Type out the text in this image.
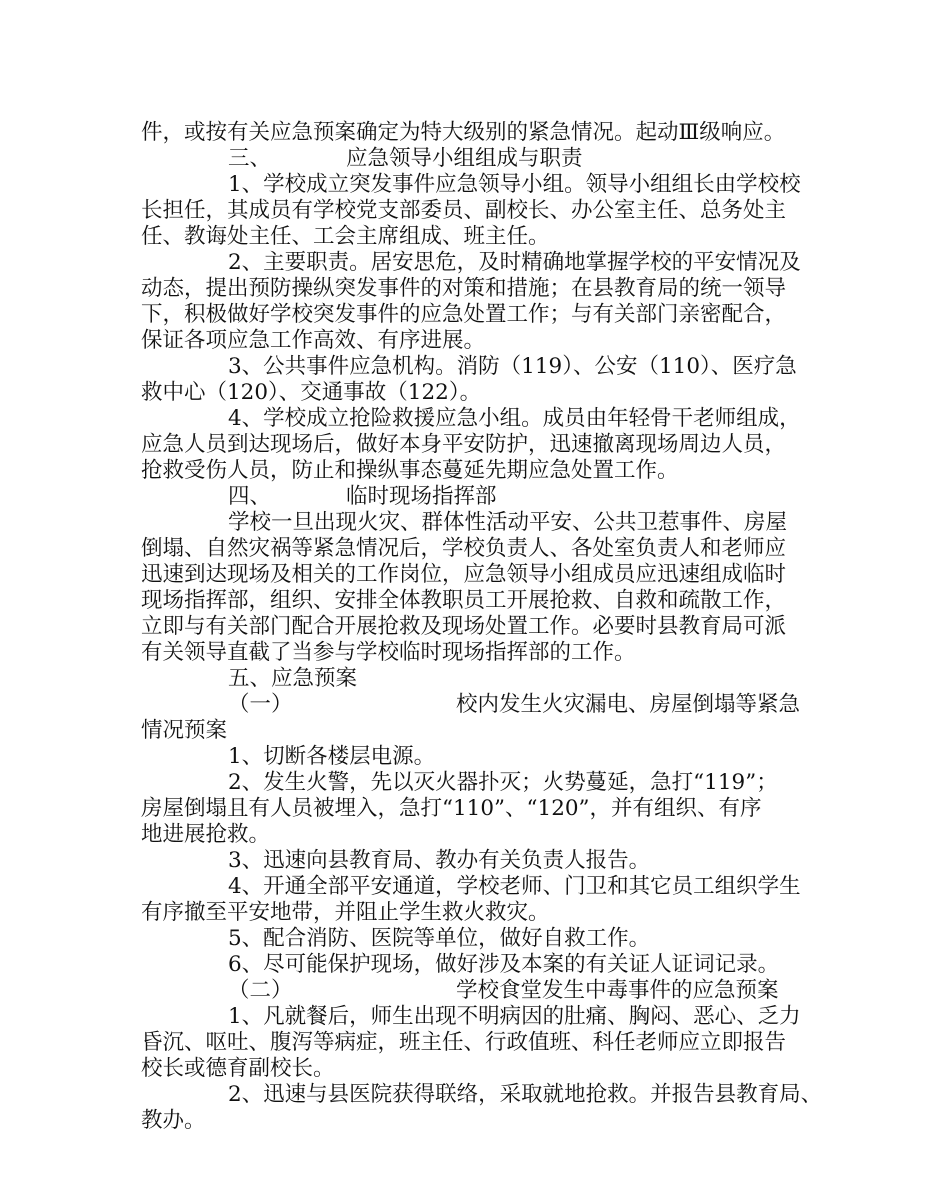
件，或按有关应急预案确定为特大级别的紧急情况。起动Ⅲ级响应。
三、	应急领导小组组成与职责
1、学校成立突发事件应急领导小组。领导小组组长由学校校
长担任，其成员有学校党支部委员、副校长、办公室主任、总务处主
任、教诲处主任、工会主席组成、班主任。
2、主要职责。居安思危，及时精确地掌握学校的平安情况及
动态，提出预防操纵突发事件的对策和措施；在县教育局的统一领导
下，积极做好学校突发事件的应急处置工作；与有关部门亲密配合，
保证各项应急工作高效、有序进展。
3、公共事件应急机构。消防（119）、公安（110）、医疗急
救中心（120）、交通事故（122）。
4、学校成立抢险救援应急小组。成员由年轻骨干老师组成，
应急人员到达现场后，做好本身平安防护，迅速撤离现场周边人员，
抢救受伤人员，防止和操纵事态蔓延先期应急处置工作。
四、	临时现场指挥部
学校一旦出现火灾、群体性活动平安、公共卫惹事件、房屋
倒塌、自然灾祸等紧急情况后，学校负责人、各处室负责人和老师应
迅速到达现场及相关的工作岗位，应急领导小组成员应迅速组成临时
现场指挥部，组织、安排全体教职员工开展抢救、自救和疏散工作，
立即与有关部门配合开展抢救及现场处置工作。必要时县教育局可派
有关领导直截了当参与学校临时现场指挥部的工作。
五、应急预案
（一）	校内发生火灾漏电、房屋倒塌等紧急
情况预案
1、切断各楼层电源。
2、发生火警，先以灭火器扑灭；火势蔓延，急打“119”；
房屋倒塌且有人员被埋入，急打“110”、“120”，并有组织、有序
地进展抢救。
3、迅速向县教育局、教办有关负责人报告。
4、开通全部平安通道，学校老师、门卫和其它员工组织学生
有序撤至平安地带，并阻止学生救火救灾。
5、配合消防、医院等单位，做好自救工作。
6、尽可能保护现场，做好涉及本案的有关证人证词记录。
（二）	学校食堂发生中毒事件的应急预案
1、凡就餐后，师生出现不明病因的肚痛、胸闷、恶心、乏力
昏沉、呕吐、腹泻等病症，班主任、行政值班、科任老师应立即报告
校长或德育副校长。
2、迅速与县医院获得联络，采取就地抢救。并报告县教育局、
教办。
